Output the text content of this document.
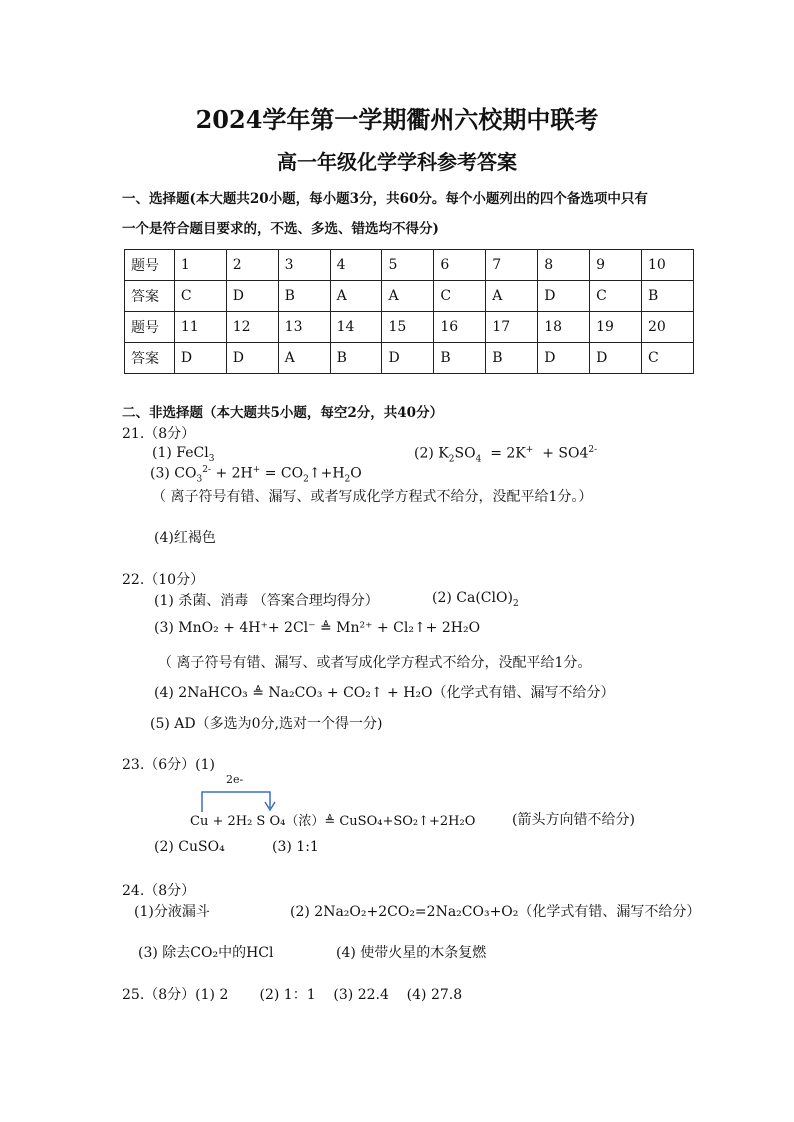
2024学年第一学期衢州六校期中联考
高一年级化学学科参考答案
一、选择题(本大题共20小题，每小题3分，共60分。每个小题列出的四个备选项中只有
一个是符合题目要求的，不选、多选、错选均不得分)
题号	1	2	3	4	5	6	7	8	9	10
答案	C	D	B	A	A	C	A	D	C	B
题号	11	12	13	14	15	16	17	18	19	20
答案	D	D	A	B	D	B	B	D	D	C
二、非选择题（本大题共5小题，每空2分，共40分）
21.（8分）
(1) FeCl$_3$	(2) $K_2SO_4 = 2K^+ + SO4^{2-}$
(3) $CO_3^{2-} + 2H^+$ = $CO_2↑+H_2O$
（ 离子符号有错、漏写、或者写成化学方程式不给分，没配平给1分。）
(4)红褐色
22.（10分）
(1) 杀菌、消毒 （答案合理均得分）	(2) $Ca(ClO)_2$
(3) MnO₂ + 4H⁺+ 2Cl⁻ ≜ Mn²⁺ + Cl₂↑+ 2H₂O
（ 离子符号有错、漏写、或者写成化学方程式不给分，没配平给1分。
(4) 2NaHCO₃ ≜ Na₂CO₃ + CO₂↑ + H₂O（化学式有错、漏写不给分）
(5) AD（多选为0分,选对一个得一分)
23.（6分）(1)
2e-
Cu + 2H₂ S O₄（浓）≜ CuSO₄+SO₂↑+2H₂O	(箭头方向错不给分)
(2) CuSO₄	(3) 1:1
24.（8分）
(1)分液漏斗	(2) 2Na₂O₂+2CO₂=2Na₂CO₃+O₂（化学式有错、漏写不给分）
(3) 除去CO₂中的HCl	(4) 使带火星的木条复燃
25.（8分）(1) 2       (2) 1：1    (3) 22.4    (4) 27.8
